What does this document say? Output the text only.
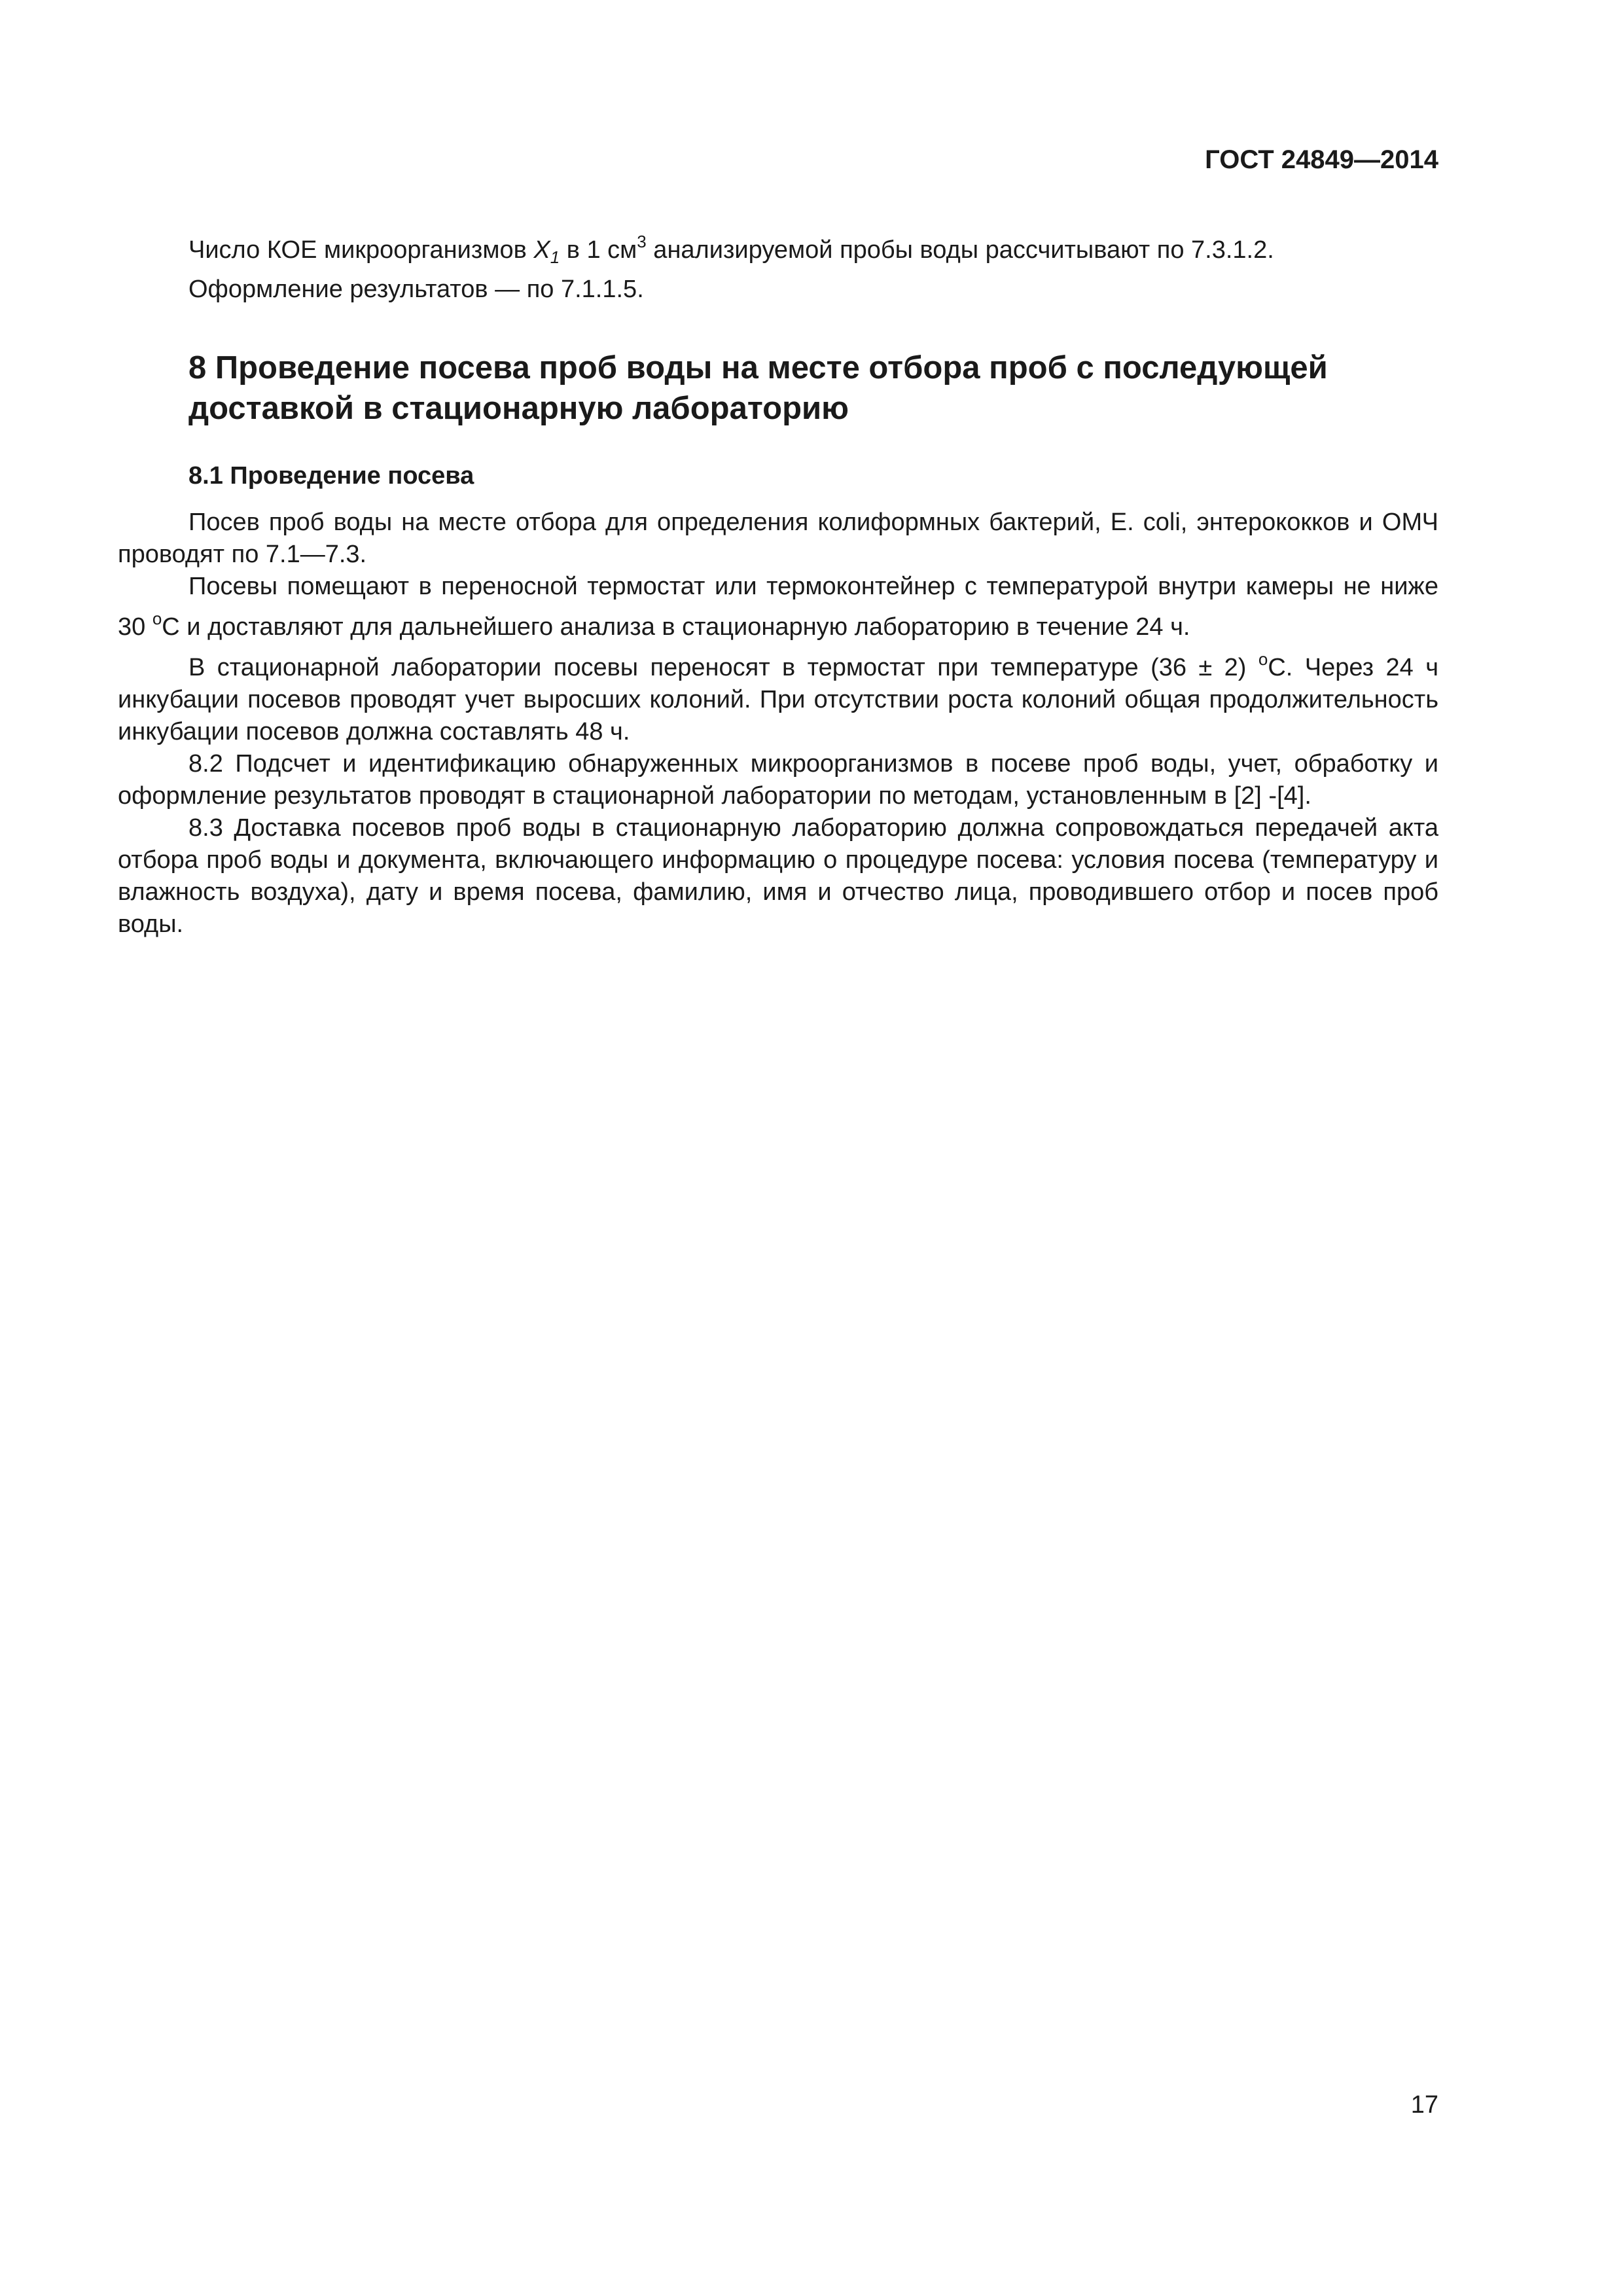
ГОСТ 24849—2014

Число КОЕ микроорганизмов $X_1$ в 1 $см^3$ анализируемой пробы воды рассчитывают по 7.3.1.2.

Оформление результатов — по 7.1.1.5.

8 Проведение посева проб воды на месте отбора проб с последующей доставкой в стационарную лабораторию
8.1 Проведение посева

Посев проб воды на месте отбора для определения колиформных бактерий, E. coli, энтерококков и ОМЧ проводят по 7.1—7.3.

Посевы помещают в переносной термостат или термоконтейнер с температурой внутри камеры не ниже 30 $^о$С и доставляют для дальнейшего анализа в стационарную лабораторию в течение 24 ч.

В стационарной лаборатории посевы переносят в термостат при температуре (36 ± 2) $^о$С. Через 24 ч инкубации посевов проводят учет выросших колоний. При отсутствии роста колоний общая продолжительность инкубации посевов должна составлять 48 ч.

8.2 Подсчет и идентификацию обнаруженных микроорганизмов в посеве проб воды, учет, обработку и оформление результатов проводят в стационарной лаборатории по методам, установленным в [2] -[4].

8.3 Доставка посевов проб воды в стационарную лабораторию должна сопровождаться передачей акта отбора проб воды и документа, включающего информацию о процедуре посева: условия посева (температуру и влажность воздуха), дату и время посева, фамилию, имя и отчество лица, проводившего отбор и посев проб воды.

17
